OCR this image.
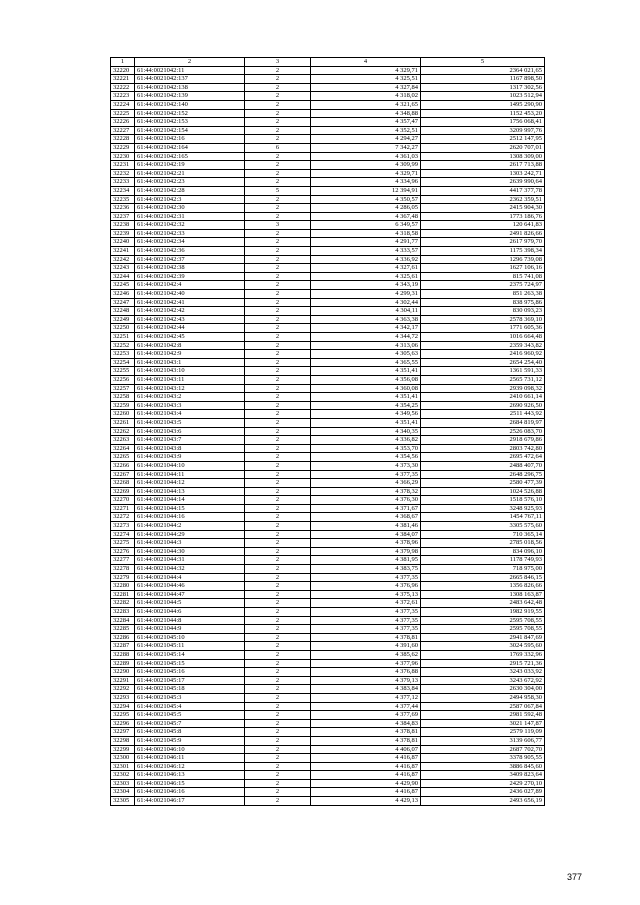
1	2	3	4	5
32220	61:44:0021042:11	2	4 329,71	2364 021,65
32221	61:44:0021042:137	2	4 325,51	1167 898,50
32222	61:44:0021042:138	2	4 327,84	1317 302,56
32223	61:44:0021042:139	2	4 318,02	1023 512,94
32224	61:44:0021042:140	2	4 321,65	1495 290,90
32225	61:44:0021042:152	2	4 348,88	1152 453,20
32226	61:44:0021042:153	2	4 357,47	1756 068,41
32227	61:44:0021042:154	2	4 352,51	3209 997,76
32228	61:44:0021042:16	2	4 294,27	2512 147,95
32229	61:44:0021042:164	6	7 342,27	2620 707,01
32230	61:44:0021042:165	2	4 361,03	1308 309,00
32231	61:44:0021042:19	2	4 309,99	2617 713,88
32232	61:44:0021042:21	2	4 329,71	1303 242,71
32233	61:44:0021042:23	2	4 334,96	2639 990,64
32234	61:44:0021042:28	5	12 394,91	4417 377,78
32235	61:44:0021042:3	2	4 350,57	2362 359,51
32236	61:44:0021042:30	2	4 286,05	2415 904,30
32237	61:44:0021042:31	2	4 367,48	1773 186,76
32238	61:44:0021042:32	3	6 349,57	120 641,83
32239	61:44:0021042:33	2	4 318,58	2491 826,66
32240	61:44:0021042:34	2	4 291,77	2617 979,70
32241	61:44:0021042:36	2	4 333,57	1175 398,34
32242	61:44:0021042:37	2	4 336,92	1296 739,08
32243	61:44:0021042:38	2	4 327,61	1627 106,16
32244	61:44:0021042:39	2	4 325,61	815 741,08
32245	61:44:0021042:4	2	4 343,19	2375 724,97
32246	61:44:0021042:40	2	4 299,31	851 263,38
32247	61:44:0021042:41	2	4 302,44	838 975,86
32248	61:44:0021042:42	2	4 304,11	830 093,23
32249	61:44:0021042:43	2	4 363,38	2578 369,10
32250	61:44:0021042:44	2	4 342,17	1771 605,36
32251	61:44:0021042:45	2	4 344,72	1016 664,48
32252	61:44:0021042:8	2	4 313,06	2359 343,82
32253	61:44:0021042:9	2	4 305,63	2416 960,92
32254	61:44:0021043:1	2	4 365,55	2654 254,40
32255	61:44:0021043:10	2	4 351,41	1361 591,33
32256	61:44:0021043:11	2	4 356,08	2565 731,12
32257	61:44:0021043:12	2	4 360,08	2939 098,32
32258	61:44:0021043:2	2	4 351,41	2410 661,14
32259	61:44:0021043:3	2	4 354,25	2690 926,50
32260	61:44:0021043:4	2	4 349,56	2511 443,92
32261	61:44:0021043:5	2	4 351,41	2684 819,97
32262	61:44:0021043:6	2	4 340,35	2526 083,70
32263	61:44:0021043:7	2	4 336,82	2918 679,86
32264	61:44:0021043:8	2	4 353,70	2803 742,80
32265	61:44:0021043:9	2	4 354,56	2695 472,64
32266	61:44:0021044:10	2	4 373,30	2488 407,70
32267	61:44:0021044:11	2	4 377,35	2648 296,75
32268	61:44:0021044:12	2	4 366,29	2580 477,39
32269	61:44:0021044:13	2	4 378,32	1024 526,88
32270	61:44:0021044:14	2	4 376,30	1518 576,10
32271	61:44:0021044:15	2	4 371,67	3248 925,93
32272	61:44:0021044:16	2	4 368,67	1454 767,11
32273	61:44:0021044:2	2	4 381,46	3305 575,60
32274	61:44:0021044:29	2	4 384,07	710 365,14
32275	61:44:0021044:3	2	4 378,96	2785 018,56
32276	61:44:0021044:30	2	4 379,98	834 096,10
32277	61:44:0021044:31	2	4 381,95	1178 749,93
32278	61:44:0021044:32	2	4 383,75	718 975,00
32279	61:44:0021044:4	2	4 377,35	2665 846,15
32280	61:44:0021044:46	2	4 376,96	1356 826,66
32281	61:44:0021044:47	2	4 375,13	1308 163,87
32282	61:44:0021044:5	2	4 372,61	2483 642,48
32283	61:44:0021044:6	2	4 377,35	1982 919,55
32284	61:44:0021044:8	2	4 377,35	2595 708,55
32285	61:44:0021044:9	2	4 377,35	2595 708,55
32286	61:44:0021045:10	2	4 378,81	2941 847,69
32287	61:44:0021045:11	2	4 391,60	3024 595,60
32288	61:44:0021045:14	2	4 385,62	1769 332,96
32289	61:44:0021045:15	2	4 377,96	2915 721,36
32290	61:44:0021045:16	2	4 376,88	3243 033,92
32291	61:44:0021045:17	2	4 379,13	3243 672,92
32292	61:44:0021045:18	2	4 383,84	2630 304,00
32293	61:44:0021045:3	2	4 377,12	2494 958,30
32294	61:44:0021045:4	2	4 377,44	2587 067,84
32295	61:44:0021045:5	2	4 377,69	2981 592,48
32296	61:44:0021045:7	2	4 384,83	3021 147,87
32297	61:44:0021045:8	2	4 378,81	2579 119,09
32298	61:44:0021045:9	2	4 378,81	3139 606,77
32299	61:44:0021046:10	2	4 406,07	2687 702,70
32300	61:44:0021046:11	2	4 416,87	3378 905,55
32301	61:44:0021046:12	2	4 416,87	3886 845,60
32302	61:44:0021046:13	2	4 416,87	3409 823,64
32303	61:44:0021046:15	2	4 429,90	2429 270,10
32304	61:44:0021046:16	2	4 416,87	2436 027,89
32305	61:44:0021046:17	2	4 429,13	2493 656,19
377
